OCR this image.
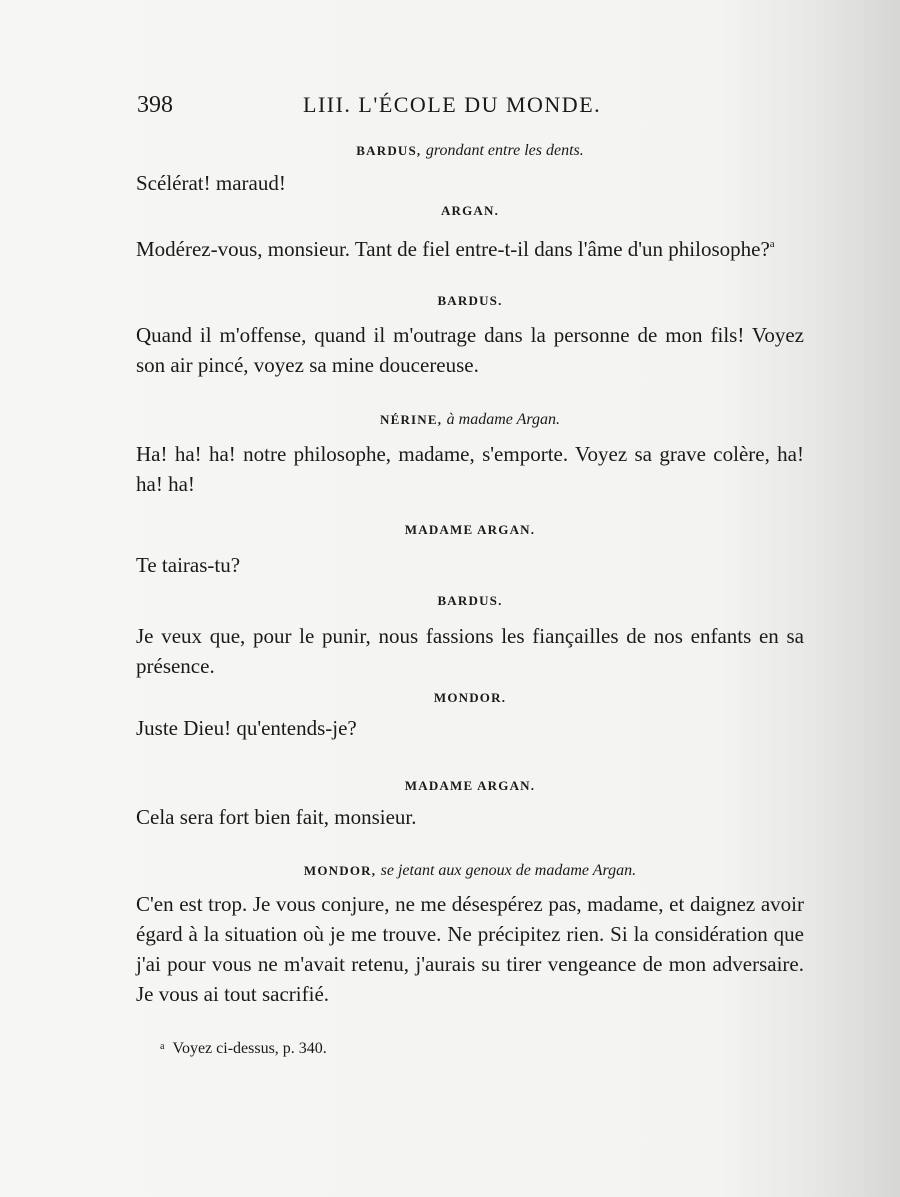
398	LIII. L'ÉCOLE DU MONDE.
BARDUS, grondant entre les dents.
Scélérat! maraud!
ARGAN.
Modérez-vous, monsieur. Tant de fiel entre-t-il dans l'âme d'un philosophe?$^a$
BARDUS.
Quand il m'offense, quand il m'outrage dans la personne de mon fils! Voyez son air pincé, voyez sa mine doucereuse.
NÉRINE, à madame Argan.
Ha! ha! ha! notre philosophe, madame, s'emporte. Voyez sa grave colère, ha! ha! ha!
MADAME ARGAN.
Te tairas-tu?
BARDUS.
Je veux que, pour le punir, nous fassions les fiançailles de nos enfants en sa présence.
MONDOR.
Juste Dieu! qu'entends-je?
MADAME ARGAN.
Cela sera fort bien fait, monsieur.
MONDOR, se jetant aux genoux de madame Argan.
C'en est trop. Je vous conjure, ne me désespérez pas, madame, et daignez avoir égard à la situation où je me trouve. Ne précipitez rien. Si la considération que j'ai pour vous ne m'avait retenu, j'aurais su tirer vengeance de mon adversaire. Je vous ai tout sacrifié.
$^a$ Voyez ci-dessus, p. 340.
